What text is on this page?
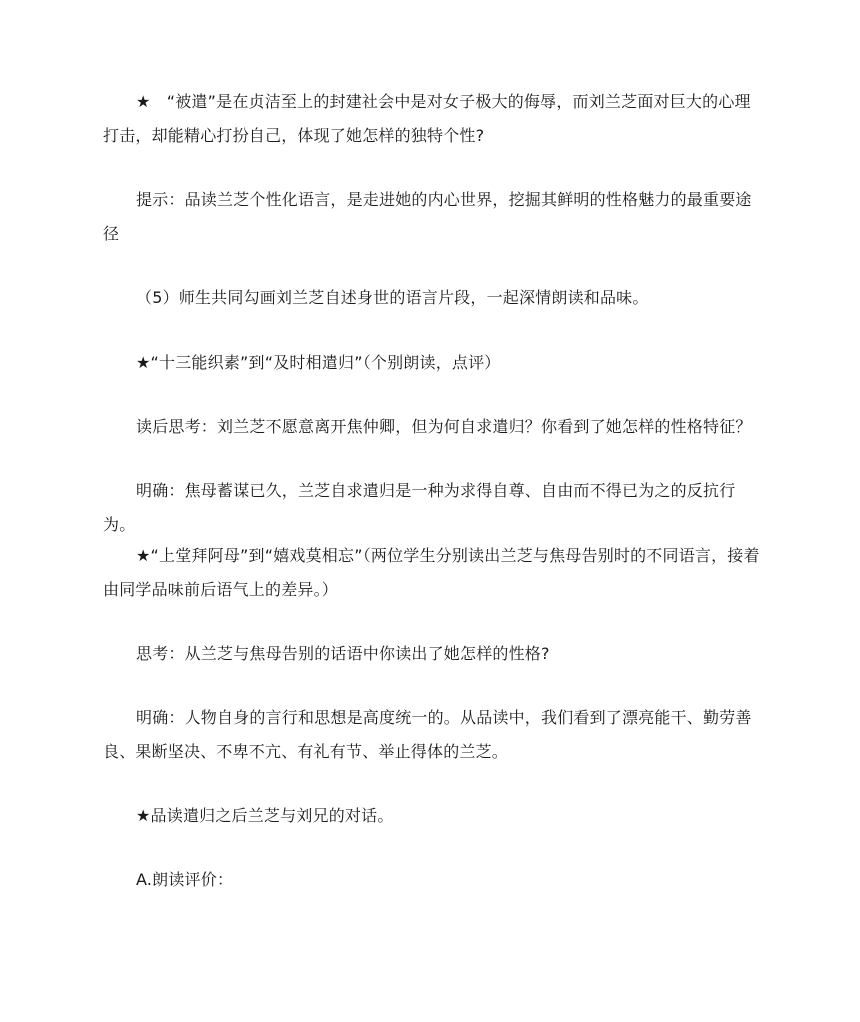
★　“被遣”是在贞洁至上的封建社会中是对女子极大的侮辱，而刘兰芝面对巨大的心理打击，却能精心打扮自己，体现了她怎样的独特个性?

提示：品读兰芝个性化语言，是走进她的内心世界，挖掘其鲜明的性格魅力的最重要途径

（5）师生共同勾画刘兰芝自述身世的语言片段，一起深情朗读和品味。

★“十三能织素”到“及时相遣归”（个别朗读，点评）

读后思考：刘兰芝不愿意离开焦仲卿，但为何自求遣归？你看到了她怎样的性格特征？

明确：焦母蓄谋已久，兰芝自求遣归是一种为求得自尊、自由而不得已为之的反抗行为。

★“上堂拜阿母”到“嬉戏莫相忘”（两位学生分别读出兰芝与焦母告别时的不同语言，接着由同学品味前后语气上的差异。）

思考：从兰芝与焦母告别的话语中你读出了她怎样的性格?

明确：人物自身的言行和思想是高度统一的。从品读中，我们看到了漂亮能干、勤劳善良、果断坚决、不卑不亢、有礼有节、举止得体的兰芝。

★品读遣归之后兰芝与刘兄的对话。

A.朗读评价：
